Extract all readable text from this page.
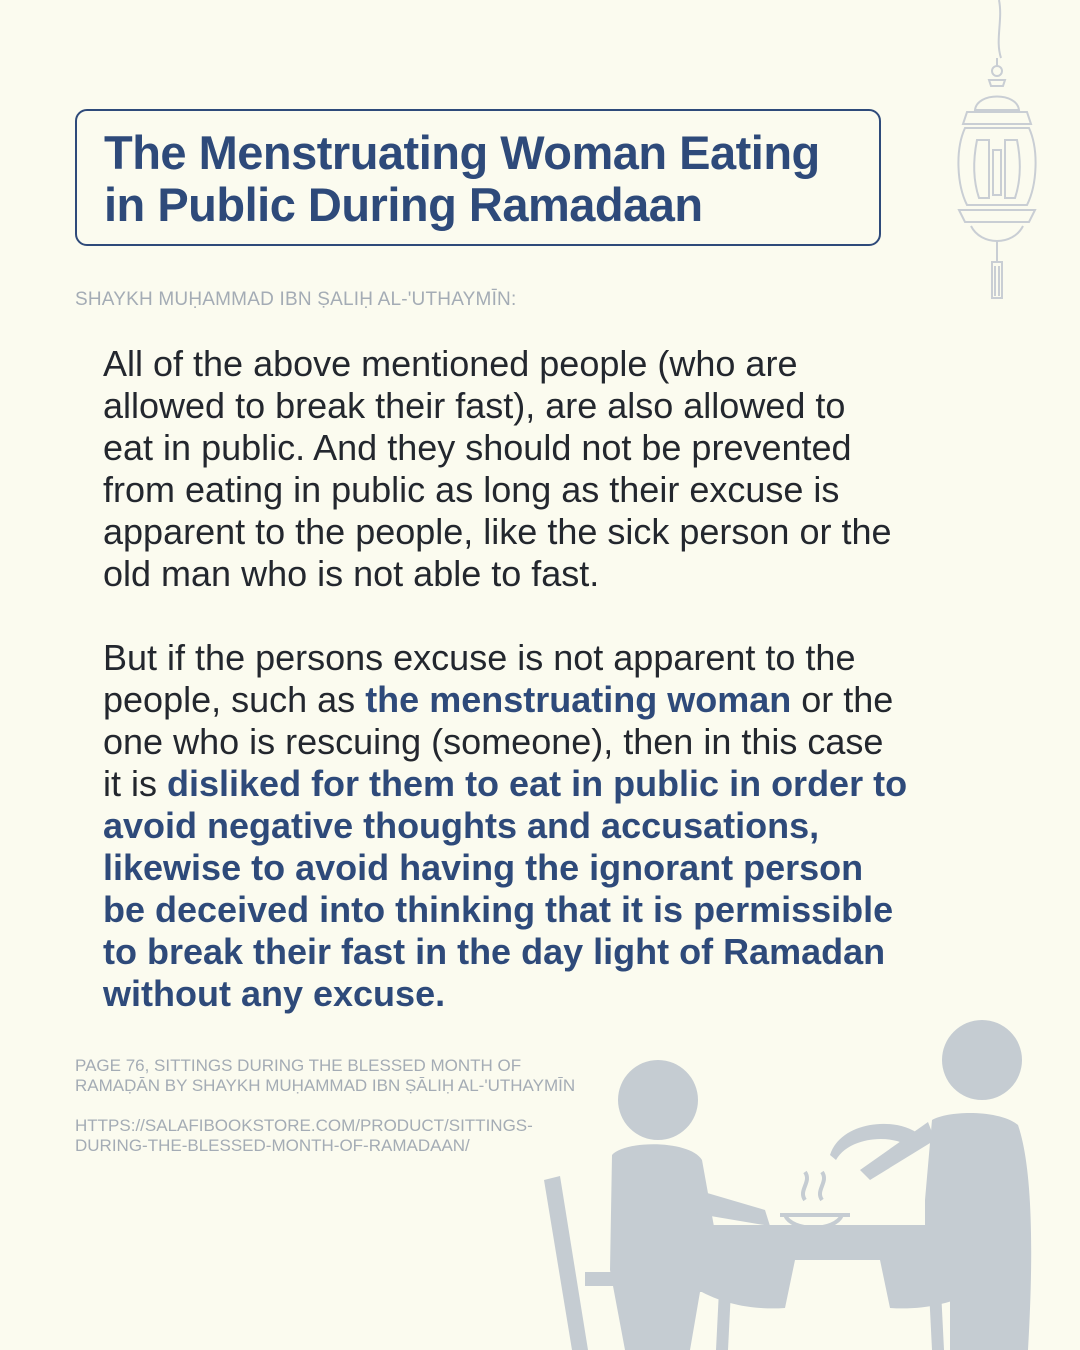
The Menstruating Woman Eating
in Public During Ramadaan
SHAYKH MUḤAMMAD IBN ṢALIḤ AL-'UTHAYMĪN:

All of the above mentioned people (who are
allowed to break their fast), are also allowed to
eat in public. And they should not be prevented
from eating in public as long as their excuse is
apparent to the people, like the sick person or the
old man who is not able to fast.

But if the persons excuse is not apparent to the
people, such as the menstruating woman or the
one who is rescuing (someone), then in this case
it is disliked for them to eat in public in order to
avoid negative thoughts and accusations,
likewise to avoid having the ignorant person
be deceived into thinking that it is permissible
to break their fast in the day light of Ramadan
without any excuse.

PAGE 76, SITTINGS DURING THE BLESSED MONTH OF
RAMAḌĀN BY SHAYKH MUḤAMMAD IBN ṢĀLIḤ AL-'UTHAYMĪN
HTTPS://SALAFIBOOKSTORE.COM/PRODUCT/SITTINGS-
DURING-THE-BLESSED-MONTH-OF-RAMADAAN/
